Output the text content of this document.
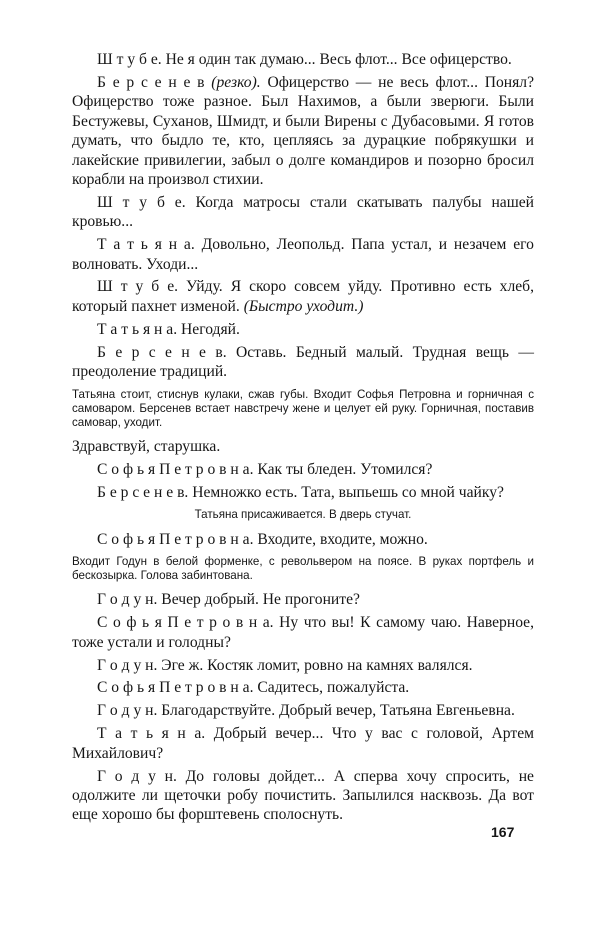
Ш т у б е. Не я один так думаю... Весь флот... Все офицерство.

Б е р с е н е в (резко). Офицерство — не весь флот... Понял? Офицерство тоже разное. Был Нахимов, а были зверюги. Были Бестужевы, Суханов, Шмидт, и были Вирены с Дубасовыми. Я готов думать, что быдло те, кто, цепляясь за дурацкие побрякушки и лакейские привилегии, забыл о долге командиров и позорно бросил корабли на произвол стихии.

Ш т у б е. Когда матросы стали скатывать палубы нашей кровью...

Т а т ь я н а. Довольно, Леопольд. Папа устал, и незачем его волновать. Уходи...

Ш т у б е. Уйду. Я скоро совсем уйду. Противно есть хлеб, который пахнет изменой. (Быстро уходит.)

Т а т ь я н а. Негодяй.

Б е р с е н е в. Оставь. Бедный малый. Трудная вещь — преодоление традиций.

Татьяна стоит, стиснув кулаки, сжав губы. Входит Софья Петровна и горничная с самоваром. Берсенев встает навстречу жене и целует ей руку. Горничная, поставив самовар, уходит.

Здравствуй, старушка.

С о ф ь я П е т р о в н а. Как ты бледен. Утомился?

Б е р с е н е в. Немножко есть. Тата, выпьешь со мной чайку?

Татьяна присаживается. В дверь стучат.

С о ф ь я П е т р о в н а. Входите, входите, можно.

Входит Годун в белой форменке, с револьвером на поясе. В руках портфель и бескозырка. Голова забинтована.

Г о д у н. Вечер добрый. Не прогоните?

С о ф ь я П е т р о в н а. Ну что вы! К самому чаю. Наверное, тоже устали и голодны?

Г о д у н. Эге ж. Костяк ломит, ровно на камнях валялся.

С о ф ь я П е т р о в н а. Садитесь, пожалуйста.

Г о д у н. Благодарствуйте. Добрый вечер, Татьяна Евгеньевна.

Т а т ь я н а. Добрый вечер... Что у вас с головой, Артем Михайлович?

Г о д у н. До головы дойдет... А сперва хочу спросить, не одолжите ли щеточки робу почистить. Запылился насквозь. Да вот еще хорошо бы форштевень сполоснуть.

167
